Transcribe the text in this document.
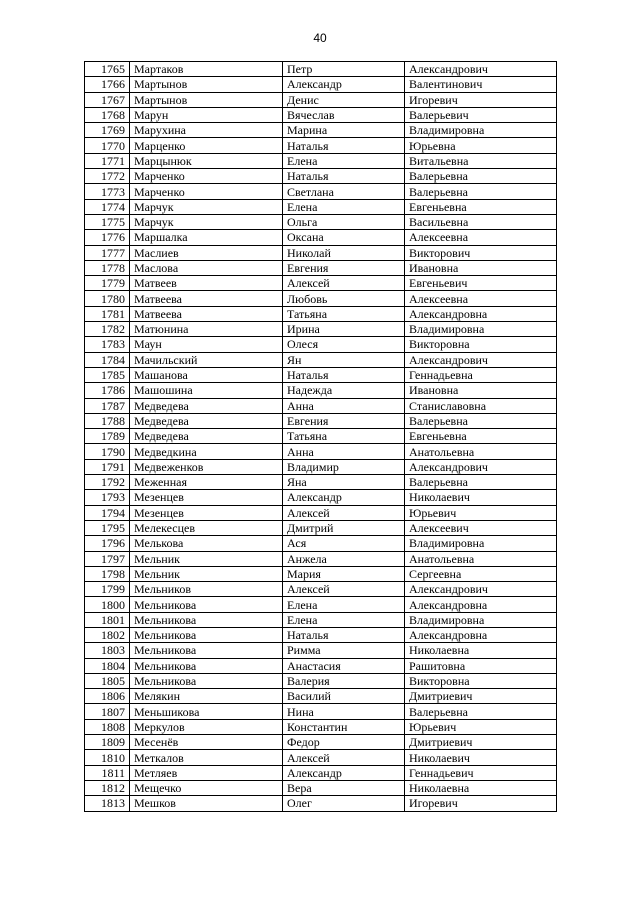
40
1765	Мартаков	Петр	Александрович
1766	Мартынов	Александр	Валентинович
1767	Мартынов	Денис	Игоревич
1768	Марун	Вячеслав	Валерьевич
1769	Марухина	Марина	Владимировна
1770	Марценко	Наталья	Юрьевна
1771	Марцынюк	Елена	Витальевна
1772	Марченко	Наталья	Валерьевна
1773	Марченко	Светлана	Валерьевна
1774	Марчук	Елена	Евгеньевна
1775	Марчук	Ольга	Васильевна
1776	Маршалка	Оксана	Алексеевна
1777	Маслиев	Николай	Викторович
1778	Маслова	Евгения	Ивановна
1779	Матвеев	Алексей	Евгеньевич
1780	Матвеева	Любовь	Алексеевна
1781	Матвеева	Татьяна	Александровна
1782	Матюнина	Ирина	Владимировна
1783	Маун	Олеся	Викторовна
1784	Мачильский	Ян	Александрович
1785	Машанова	Наталья	Геннадьевна
1786	Машошина	Надежда	Ивановна
1787	Медведева	Анна	Станиславовна
1788	Медведева	Евгения	Валерьевна
1789	Медведева	Татьяна	Евгеньевна
1790	Медведкина	Анна	Анатольевна
1791	Медвеженков	Владимир	Александрович
1792	Меженная	Яна	Валерьевна
1793	Мезенцев	Александр	Николаевич
1794	Мезенцев	Алексей	Юрьевич
1795	Мелекесцев	Дмитрий	Алексеевич
1796	Мелькова	Ася	Владимировна
1797	Мельник	Анжела	Анатольевна
1798	Мельник	Мария	Сергеевна
1799	Мельников	Алексей	Александрович
1800	Мельникова	Елена	Александровна
1801	Мельникова	Елена	Владимировна
1802	Мельникова	Наталья	Александровна
1803	Мельникова	Римма	Николаевна
1804	Мельникова	Анастасия	Рашитовна
1805	Мельникова	Валерия	Викторовна
1806	Мелякин	Василий	Дмитриевич
1807	Меньшикова	Нина	Валерьевна
1808	Меркулов	Константин	Юрьевич
1809	Месенёв	Федор	Дмитриевич
1810	Меткалов	Алексей	Николаевич
1811	Метляев	Александр	Геннадьевич
1812	Мещечко	Вера	Николаевна
1813	Мешков	Олег	Игоревич
